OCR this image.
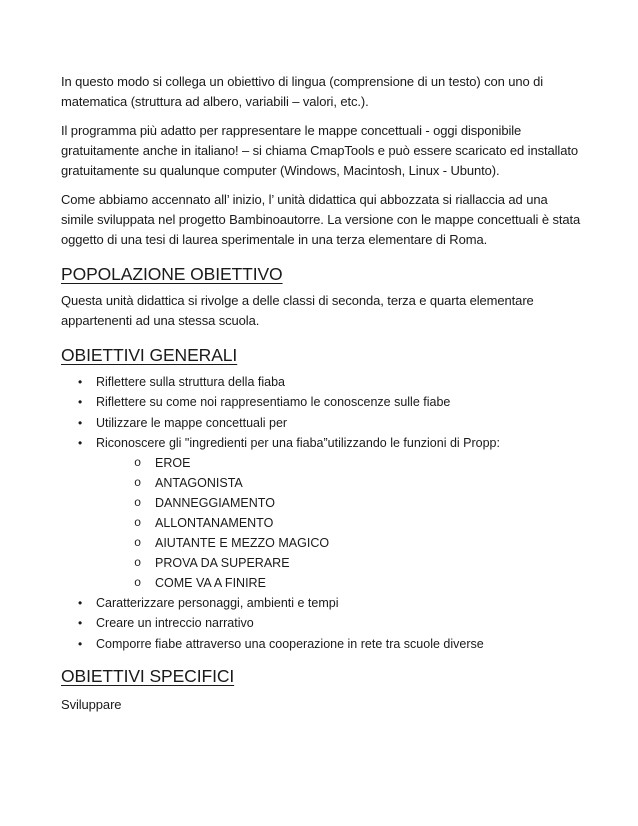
In questo modo si collega un obiettivo di lingua (comprensione di un testo) con uno di matematica (struttura ad albero, variabili – valori, etc.).

Il programma più adatto per rappresentare le mappe concettuali - oggi disponibile gratuitamente anche in italiano! – si chiama CmapTools e può essere scaricato ed installato gratuitamente su qualunque computer (Windows, Macintosh, Linux - Ubunto).

Come abbiamo accennato all’ inizio, l’ unità didattica qui abbozzata si riallaccia ad una simile sviluppata nel progetto Bambinoautorre. La versione con le mappe concettuali è stata oggetto di una tesi di laurea sperimentale in una terza elementare di Roma.

POPOLAZIONE OBIETTIVO

Questa unità didattica si rivolge a delle classi di seconda, terza e quarta elementare appartenenti ad una stessa scuola.

OBIETTIVI GENERALI
• Riflettere sulla struttura della fiaba
• Riflettere su come noi rappresentiamo le conoscenze sulle fiabe
• Utilizzare le mappe concettuali per
• Riconoscere gli "ingredienti per una fiaba”utilizzando le funzioni di Propp:
o EROE
o ANTAGONISTA
o DANNEGGIAMENTO
o ALLONTANAMENTO
o AIUTANTE E MEZZO MAGICO
o PROVA DA SUPERARE
o COME VA A FINIRE
• Caratterizzare personaggi, ambienti e tempi
• Creare un intreccio narrativo
• Comporre fiabe attraverso una cooperazione in rete tra scuole diverse
OBIETTIVI SPECIFICI

Sviluppare
